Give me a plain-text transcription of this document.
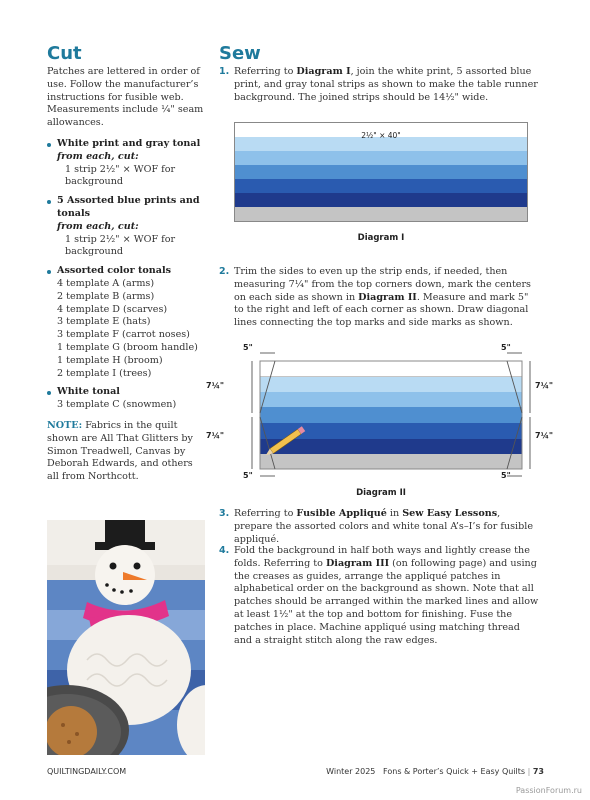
Cut
Patches are lettered in order of use. Follow the manufacturer’s instructions for fusible web. Measurements include ¼" seam allowances.
White print and gray tonal
from each, cut:
1 strip 2½" × WOF for background
5 Assorted blue prints and tonals
from each, cut:
1 strip 2½" × WOF for background
Assorted color tonals
4 template A (arms)
2 template B (arms)
4 template D (scarves)
3 template E (hats)
3 template F (carrot noses)
1 template G (broom handle)
1 template H (broom)
2 template I (trees)
White tonal
3 template C (snowmen)
NOTE: Fabrics in the quilt shown are All That Glitters by Simon Treadwell, Canvas by Deborah Edwards, and others all from Northcott.
Sew
1. Referring to Diagram I, join the white print, 5 assorted blue print, and gray tonal strips as shown to make the table runner background. The joined strips should be 14½" wide.
2½" × 40"
Diagram I
2. Trim the sides to even up the strip ends, if needed, then measuring 7¼" from the top corners down, mark the centers on each side as shown in Diagram II. Measure and mark 5" to the right and left of each corner as shown. Draw diagonal lines connecting the top marks and side marks as shown.
5"	5"
5"	5"
7¼"
7¼"
7¼"
7¼"
Diagram II
3. Referring to Fusible Appliqué in Sew Easy Lessons, prepare the assorted colors and white tonal A’s–I’s for fusible appliqué.
4. Fold the background in half both ways and lightly crease the folds. Referring to Diagram III (on following page) and using the creases as guides, arrange the appliqué patches in alphabetical order on the background as shown. Note that all patches should be arranged within the marked lines and allow at least 1½" at the top and bottom for finishing. Fuse the patches in place. Machine appliqué using matching thread and a straight stitch along the raw edges.
QUILTINGDAILY.COM	Winter 2025 Fons & Porter’s Quick + Easy Quilts | 73
PassionForum.ru
